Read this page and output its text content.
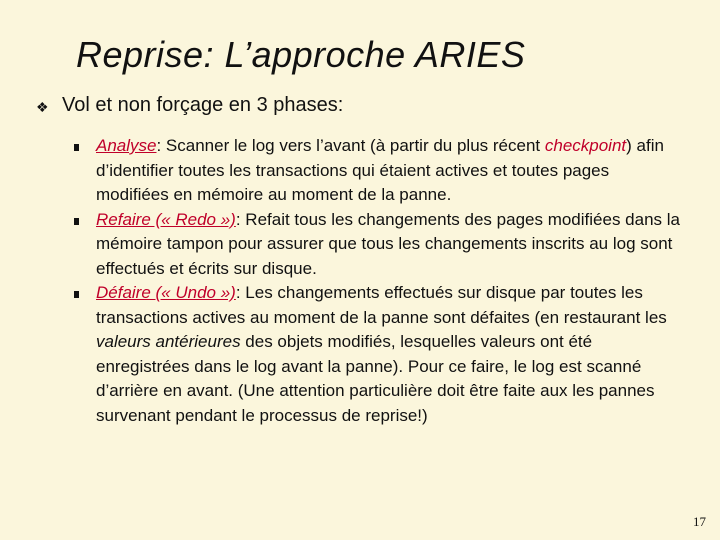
Reprise: L’approche ARIES
❖ Vol et non forçage en 3 phases:
Analyse: Scanner le log vers l’avant (à partir du plus récent checkpoint) afin d’identifier toutes les transactions qui étaient actives et toutes pages modifiées en mémoire au moment de la panne.
Refaire (« Redo »): Refait tous les changements des pages modifiées dans la mémoire tampon pour assurer que tous les changements inscrits au log sont effectués et écrits sur disque.
Défaire (« Undo »): Les changements effectués sur disque par toutes les transactions actives au moment de la panne sont défaites (en restaurant les valeurs antérieures des objets modifiés, lesquelles valeurs ont été enregistrées dans le log avant la panne). Pour ce faire, le log est scanné d’arrière en avant. (Une attention particulière doit être faite aux les pannes survenant pendant le processus de reprise!)
17
